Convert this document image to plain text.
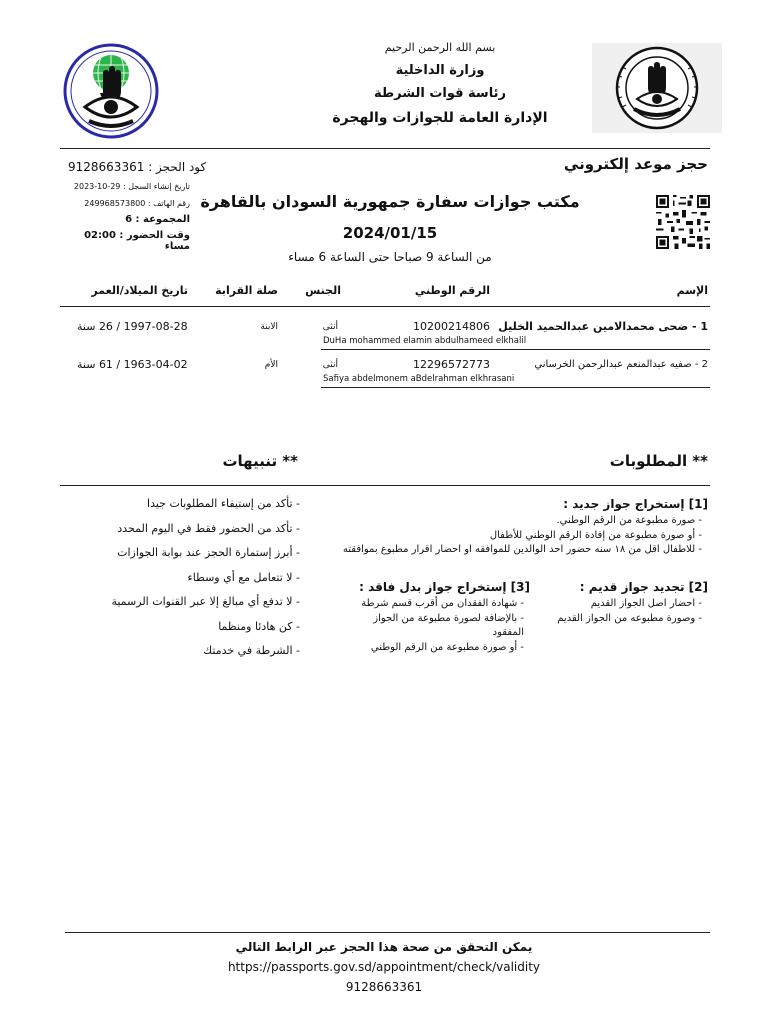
بسم الله الرحمن الرحيم
وزارة الداخلية
رئاسة قوات الشرطة
الإدارة العامة للجوازات والهجرة
حجز موعد إلكتروني
كود الحجز : 9128663361
تاريخ إنشاء السجل : 29-10-2023
رقم الهاتف : 249968573800
المجموعة : 6
وقت الحضور : 02:00 مساء
مكتب جوازات سفارة جمهورية السودان بالقاهرة
2024/01/15
من الساعة 9 صباحا حتى الساعة 6 مساء
الإسم
الرقم الوطني
الجنس
صلة القرابة
تاريخ الميلاد/العمر
1 - ضحى محمدالامين عبدالحميد الخليل
10200214806
أنثى
الابنة
1997-08-28 / 26 سنة
DuHa mohammed elamin abdulhameed elkhalil
2 - صفيه عبدالمنعم عبدالرحمن الخرساني
12296572773
أنثى
الأم
1963-04-02 / 61 سنة
Safiya abdelmonem aBdelrahman elkhrasani
** المطلوبات
** تنبيهات
[1] إستخراج جواز جديد :
- صورة مطبوعة من الرقم الوطني.
- أو صورة مطبوعة من إفادة الرقم الوطني للأطفال
- للاطفال اقل من ١٨ سنه حضور احد الوالدين للموافقه او احضار اقرار مطبوع بموافقته
[2] تجديد جواز قديم :
- احضار اصل الجواز القديم
- وصورة مطبوعه من الجواز القديم
[3] إستخراج جواز بدل فاقد :
- شهادة الفقدان من أقرب قسم شرطة
- بالإضافة لصورة مطبوعة من الجواز المفقود
- أو صورة مطبوعة من الرقم الوطني
- تأكد من إستيفاء المطلوبات جيدا
- تأكد من الحضور فقط في اليوم المحدد
- أبرز إستمارة الحجز عند بوابة الجوازات
- لا تتعامل مع أي وسطاء
- لا تدفع أي مبالغ إلا عبر القنوات الرسمية
- كن هادئا ومنظما
- الشرطة في خدمتك
يمكن التحقق من صحة هذا الحجز عبر الرابط التالي
https://passports.gov.sd/appointment/check/validity
9128663361
